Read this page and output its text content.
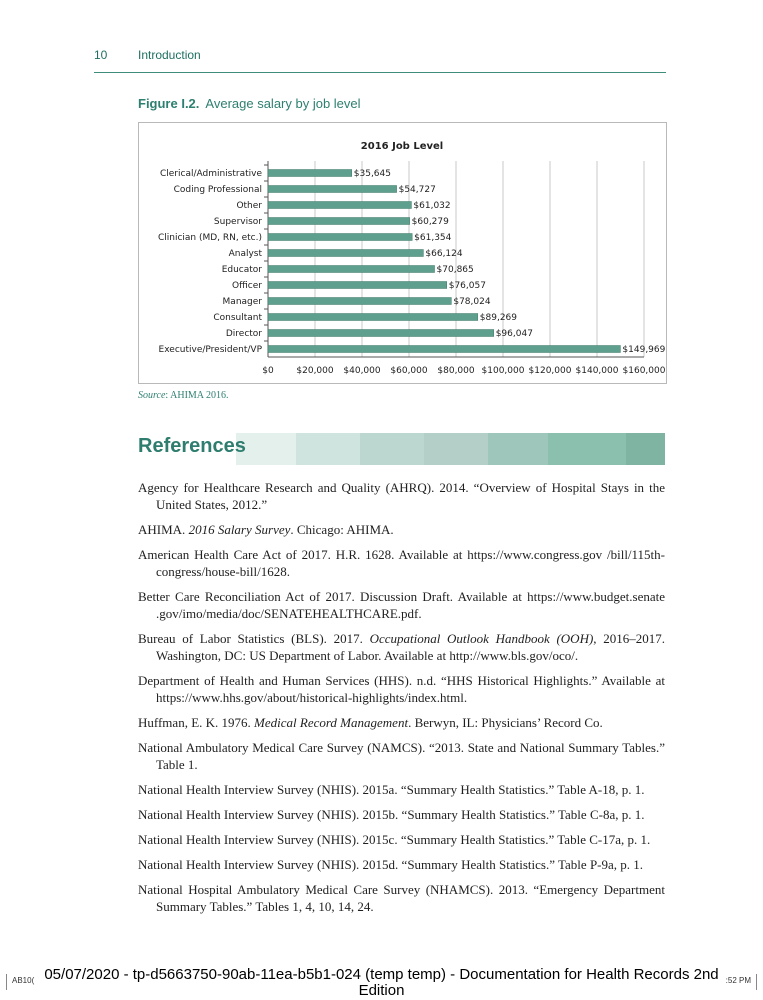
10	Introduction
Figure I.2. Average salary by job level
2016 Job Level
$0	$20,000 $40,000 $60,000 $80,000 $100,000 $120,000 $140,000 $160,000
Clerical/Administrative	$35,645
Coding Professional	$54,727
Other	$61,032
Supervisor	$60,279
Clinician (MD, RN, etc.)	$61,354
Analyst	$66,124
Educator	$70,865
Officer	$76,057
Manager	$78,024
Consultant	$89,269
Director	$96,047
Executive/President/VP	$149,969
Source: AHIMA 2016.
References
Agency for Healthcare Research and Quality (AHRQ). 2014. “Overview of Hospital Stays in the United States, 2012.”
AHIMA. 2016 Salary Survey. Chicago: AHIMA.
American Health Care Act of 2017. H.R. 1628. Available at https://www.congress.gov /bill/115th-congress/house-bill/1628.
Better Care Reconciliation Act of 2017. Discussion Draft. Available at https://www.budget.senate .gov/imo/media/doc/SENATEHEALTHCARE.pdf.
Bureau of Labor Statistics (BLS). 2017. Occupational Outlook Handbook (OOH), 2016–2017. Washington, DC: US Department of Labor. Available at http://www.bls.gov/oco/.
Department of Health and Human Services (HHS). n.d. “HHS Historical Highlights.” Available at https://www.hhs.gov/about/historical-highlights/index.html.
Huffman, E. K. 1976. Medical Record Management. Berwyn, IL: Physicians’ Record Co.
National Ambulatory Medical Care Survey (NAMCS). “2013. State and National Summary Tables.” Table 1.
National Health Interview Survey (NHIS). 2015a. “Summary Health Statistics.” Table A-18, p. 1.
National Health Interview Survey (NHIS). 2015b. “Summary Health Statistics.” Table C-8a, p. 1.
National Health Interview Survey (NHIS). 2015c. “Summary Health Statistics.” Table C-17a, p. 1.
National Health Interview Survey (NHIS). 2015d. “Summary Health Statistics.” Table P-9a, p. 1.
National Hospital Ambulatory Medical Care Survey (NHAMCS). 2013. “Emergency Department Summary Tables.” Tables 1, 4, 10, 14, 24.
AB10( 05/07/2020 - tp-d5663750-90ab-11ea-b5b1-024 (temp temp) - Documentation for Health Records 2nd Edition
:52 PM
